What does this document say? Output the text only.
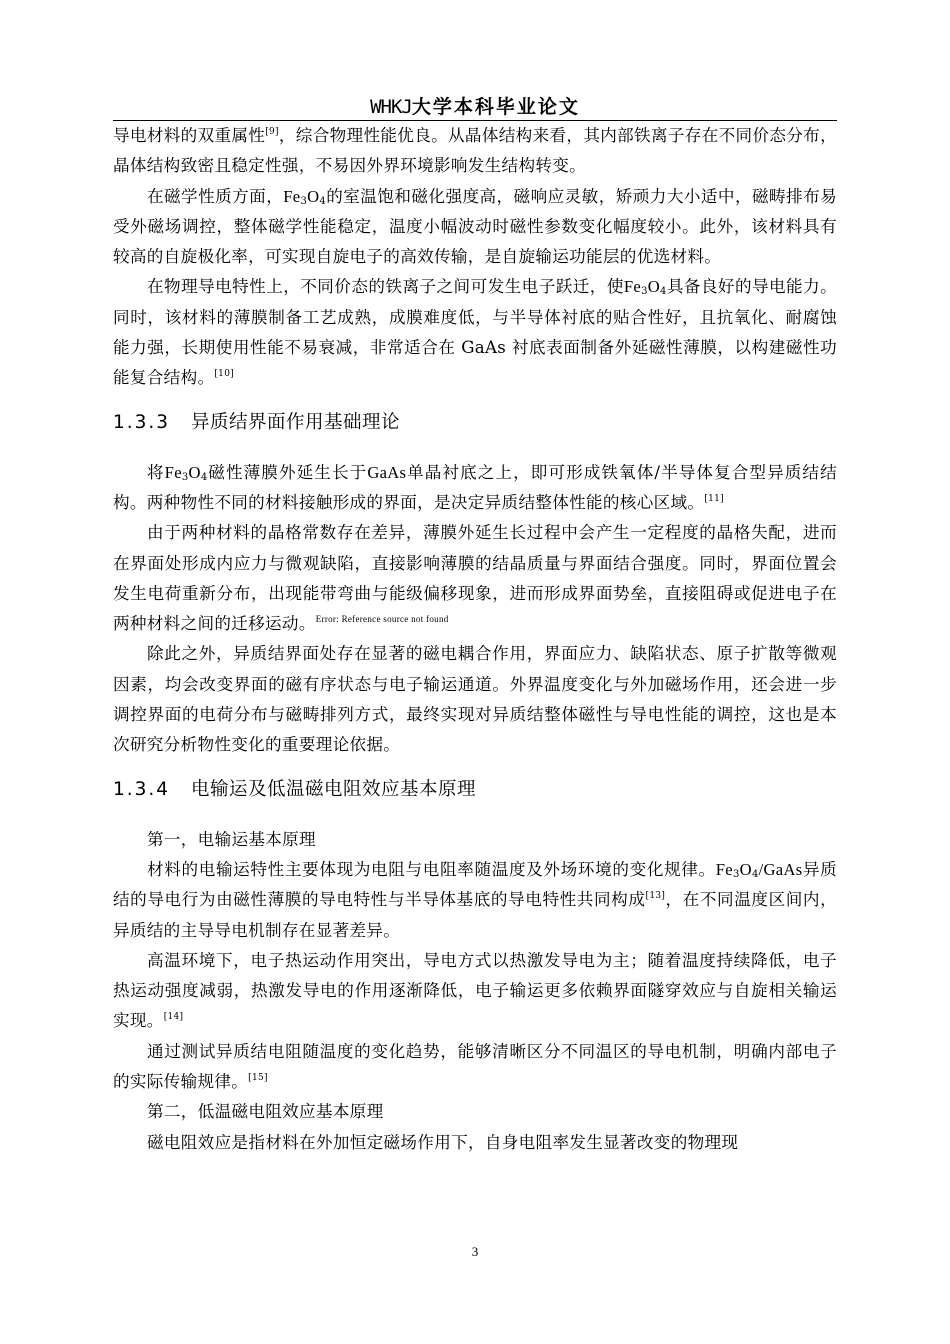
WHKJ大学本科毕业论文

导电材料的双重属性[9]，综合物理性能优良。从晶体结构来看，其内部铁离子存在不同价态分布，晶体结构致密且稳定性强，不易因外界环境影响发生结构转变。

在磁学性质方面，$Fe_3O_4$的室温饱和磁化强度高，磁响应灵敏，矫顽力大小适中，磁畴排布易受外磁场调控，整体磁学性能稳定，温度小幅波动时磁性参数变化幅度较小。此外，该材料具有较高的自旋极化率，可实现自旋电子的高效传输，是自旋输运功能层的优选材料。

在物理导电特性上，不同价态的铁离子之间可发生电子跃迁，使$Fe_3O_4$具备良好的导电能力。同时，该材料的薄膜制备工艺成熟，成膜难度低，与半导体衬底的贴合性好，且抗氧化、耐腐蚀能力强，长期使用性能不易衰减，非常适合在 GaAs 衬底表面制备外延磁性薄膜，以构建磁性功能复合结构。[10]

1.3.3 异质结界面作用基础理论

将$Fe_3O_4$磁性薄膜外延生长于GaAs单晶衬底之上，即可形成铁氧体/半导体复合型异质结结构。两种物性不同的材料接触形成的界面，是决定异质结整体性能的核心区域。[11]

由于两种材料的晶格常数存在差异，薄膜外延生长过程中会产生一定程度的晶格失配，进而在界面处形成内应力与微观缺陷，直接影响薄膜的结晶质量与界面结合强度。同时，界面位置会发生电荷重新分布，出现能带弯曲与能级偏移现象，进而形成界面势垒，直接阻碍或促进电子在两种材料之间的迁移运动。$^{Error: Reference source not found}$

除此之外，异质结界面处存在显著的磁电耦合作用，界面应力、缺陷状态、原子扩散等微观因素，均会改变界面的磁有序状态与电子输运通道。外界温度变化与外加磁场作用，还会进一步调控界面的电荷分布与磁畴排列方式，最终实现对异质结整体磁性与导电性能的调控，这也是本次研究分析物性变化的重要理论依据。

1.3.4 电输运及低温磁电阻效应基本原理

第一，电输运基本原理

材料的电输运特性主要体现为电阻与电阻率随温度及外场环境的变化规律。$Fe_3O_4$/GaAs异质结的导电行为由磁性薄膜的导电特性与半导体基底的导电特性共同构成[13]，在不同温度区间内，异质结的主导导电机制存在显著差异。

高温环境下，电子热运动作用突出，导电方式以热激发导电为主；随着温度持续降低，电子热运动强度减弱，热激发导电的作用逐渐降低，电子输运更多依赖界面隧穿效应与自旋相关输运实现。[14]

通过测试异质结电阻随温度的变化趋势，能够清晰区分不同温区的导电机制，明确内部电子的实际传输规律。[15]

第二，低温磁电阻效应基本原理

磁电阻效应是指材料在外加恒定磁场作用下，自身电阻率发生显著改变的物理现

3
